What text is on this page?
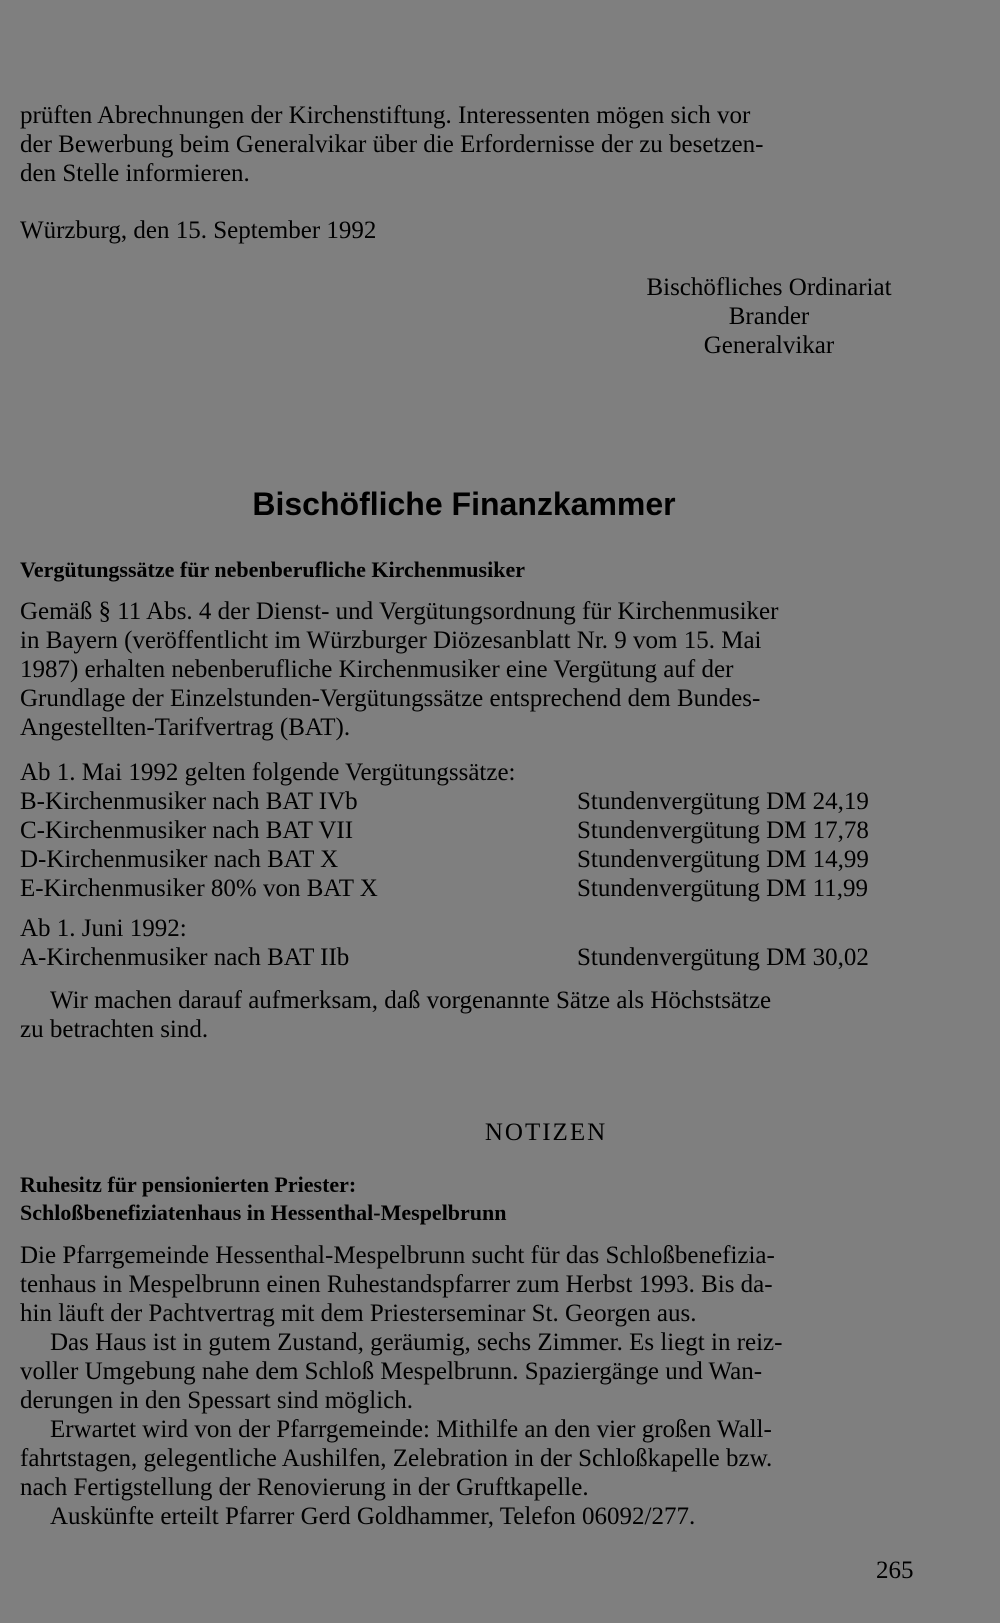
prüften Abrechnungen der Kirchenstiftung. Interessenten mögen sich vor
der Bewerbung beim Generalvikar über die Erfordernisse der zu besetzen-
den Stelle informieren.
Würzburg, den 15. September 1992
Bischöfliches Ordinariat
Brander
Generalvikar
Bischöfliche Finanzkammer
Vergütungssätze für nebenberufliche Kirchenmusiker
Gemäß § 11 Abs. 4 der Dienst- und Vergütungsordnung für Kirchenmusiker
in Bayern (veröffentlicht im Würzburger Diözesanblatt Nr. 9 vom 15. Mai
1987) erhalten nebenberufliche Kirchenmusiker eine Vergütung auf der
Grundlage der Einzelstunden-Vergütungssätze entsprechend dem Bundes-
Angestellten-Tarifvertrag (BAT).
Ab 1. Mai 1992 gelten folgende Vergütungssätze:
B-Kirchenmusiker nach BAT IVb	Stundenvergütung DM 24,19
C-Kirchenmusiker nach BAT VII	Stundenvergütung DM 17,78
D-Kirchenmusiker nach BAT X	Stundenvergütung DM 14,99
E-Kirchenmusiker 80% von BAT X	Stundenvergütung DM 11,99
Ab 1. Juni 1992:
A-Kirchenmusiker nach BAT IIb	Stundenvergütung DM 30,02
Wir machen darauf aufmerksam, daß vorgenannte Sätze als Höchstsätze
zu betrachten sind.
NOTIZEN
Ruhesitz für pensionierten Priester:
Schloßbenefiziatenhaus in Hessenthal-Mespelbrunn
Die Pfarrgemeinde Hessenthal-Mespelbrunn sucht für das Schloßbenefizia-
tenhaus in Mespelbrunn einen Ruhestandspfarrer zum Herbst 1993. Bis da-
hin läuft der Pachtvertrag mit dem Priesterseminar St. Georgen aus.
Das Haus ist in gutem Zustand, geräumig, sechs Zimmer. Es liegt in reiz-
voller Umgebung nahe dem Schloß Mespelbrunn. Spaziergänge und Wan-
derungen in den Spessart sind möglich.
Erwartet wird von der Pfarrgemeinde: Mithilfe an den vier großen Wall-
fahrtstagen, gelegentliche Aushilfen, Zelebration in der Schloßkapelle bzw.
nach Fertigstellung der Renovierung in der Gruftkapelle.
Auskünfte erteilt Pfarrer Gerd Goldhammer, Telefon 06092/277.
265
